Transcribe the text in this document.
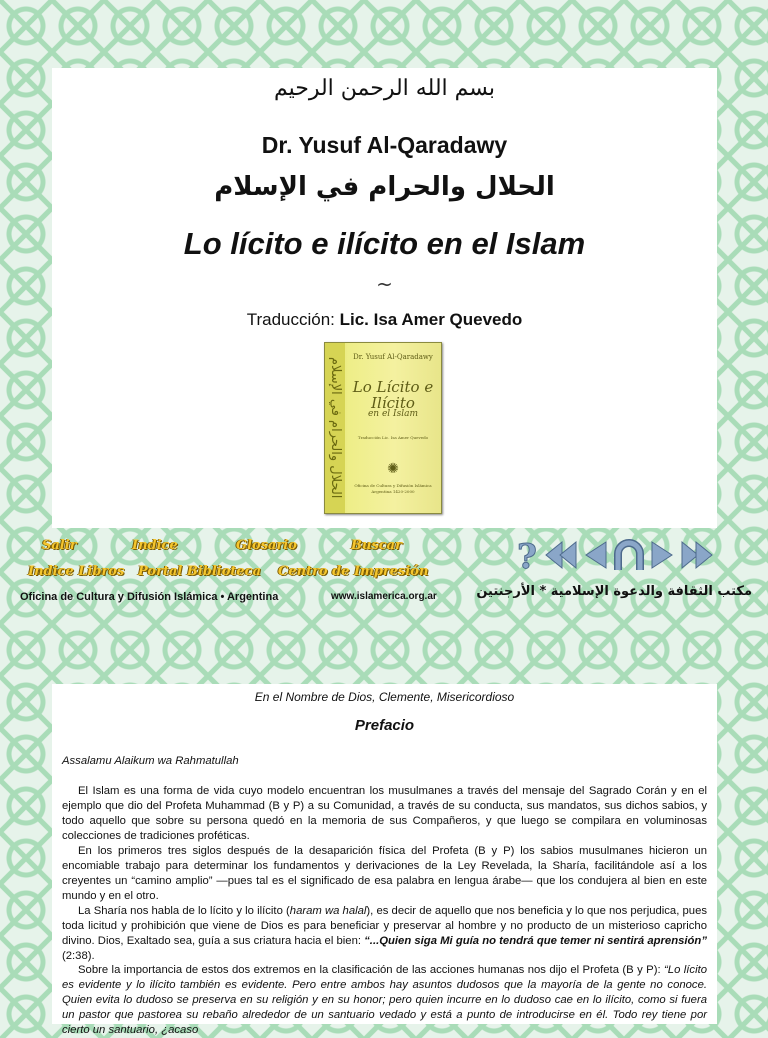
بسم الله الرحمن الرحيم
Dr. Yusuf Al-Qaradawy
الحلال والحرام في الإسلام
Lo lícito e ilícito en el Islam
~
Traducción: Lic. Isa Amer Quevedo
الحلال والحرام في الإسلام
Dr. Yusuf Al-Qaradawy
Lo Lícito e Ilícito
en el Islam
Traducción Lic. Isa Amer Quevedo
✺
Oficina de Cultura y Difusión Islámica Argentina 1420-2000
Salir	Indice	Glosario	Buscar
Indice Libros Portal Biblioteca Centro de Impresión	?
Oficina de Cultura y Difusión Islámica • Argentina	www.islamerica.org.ar	مكتب الثقافة والدعوة الإسلامية * الأرجنتين
En el Nombre de Dios, Clemente, Misericordioso
Prefacio
Assalamu Alaikum wa Rahmatullah
El Islam es una forma de vida cuyo modelo encuentran los musulmanes a través del mensaje del Sagrado Corán y en el ejemplo que dio del Profeta Muhammad (B y P) a su Comunidad, a través de su conducta, sus mandatos, sus dichos sabios, y todo aquello que sobre su persona quedó en la memoria de sus Compañeros, y que luego se compilara en voluminosas colecciones de tradiciones proféticas.
En los primeros tres siglos después de la desaparición física del Profeta (B y P) los sabios musulmanes hicieron un encomiable trabajo para determinar los fundamentos y derivaciones de la Ley Revelada, la Sharía, facilitándole así a los creyentes un “camino amplio” —pues tal es el significado de esa palabra en lengua árabe— que los condujera al bien en este mundo y en el otro.
La Sharía nos habla de lo lícito y lo ilícito (haram wa halal), es decir de aquello que nos beneficia y lo que nos perjudica, pues toda licitud y prohibición que viene de Dios es para beneficiar y preservar al hombre y no producto de un misterioso capricho divino. Dios, Exaltado sea, guía a sus criatura hacia el bien: “...Quien siga Mi guía no tendrá que temer ni sentirá aprensión” (2:38).
Sobre la importancia de estos dos extremos en la clasificación de las acciones humanas nos dijo el Profeta (B y P): “Lo lícito es evidente y lo ilícito también es evidente. Pero entre ambos hay asuntos dudosos que la mayoría de la gente no conoce. Quien evita lo dudoso se preserva en su religión y en su honor; pero quien incurre en lo dudoso cae en lo ilícito, como si fuera un pastor que pastorea su rebaño alrededor de un santuario vedado y está a punto de introducirse en él. Todo rey tiene por cierto un santuario, ¿acaso
